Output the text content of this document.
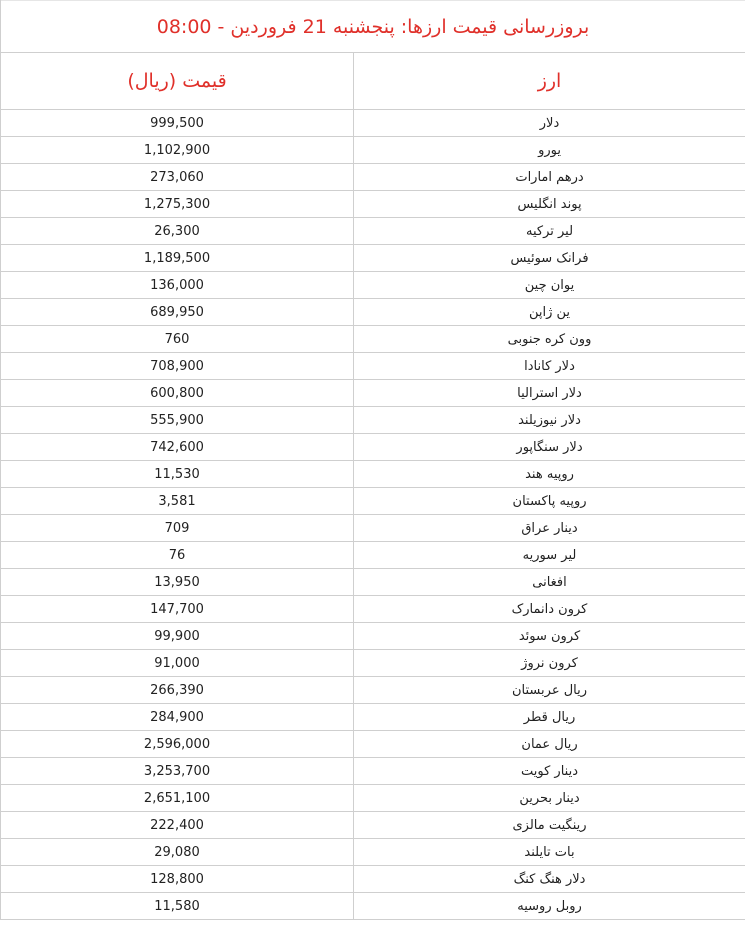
بروزرسانی قیمت ارزها: پنجشنبه 21 فروردین - 08:00	
ارز	قیمت (ریال)
دلار	999,500
یورو	1,102,900
درهم امارات	273,060
پوند انگلیس	1,275,300
لیر ترکیه	26,300
فرانک سوئیس	1,189,500
یوان چین	136,000
ین ژاپن	689,950
وون کره جنوبی	760
دلار کانادا	708,900
دلار استرالیا	600,800
دلار نیوزیلند	555,900
دلار سنگاپور	742,600
روپیه هند	11,530
روپیه پاکستان	3,581
دینار عراق	709
لیر سوریه	76
افغانی	13,950
کرون دانمارک	147,700
کرون سوئد	99,900
کرون نروژ	91,000
ریال عربستان	266,390
ریال قطر	284,900
ریال عمان	2,596,000
دینار کویت	3,253,700
دینار بحرین	2,651,100
رینگیت مالزی	222,400
بات تایلند	29,080
دلار هنگ کنگ	128,800
روبل روسیه	11,580
